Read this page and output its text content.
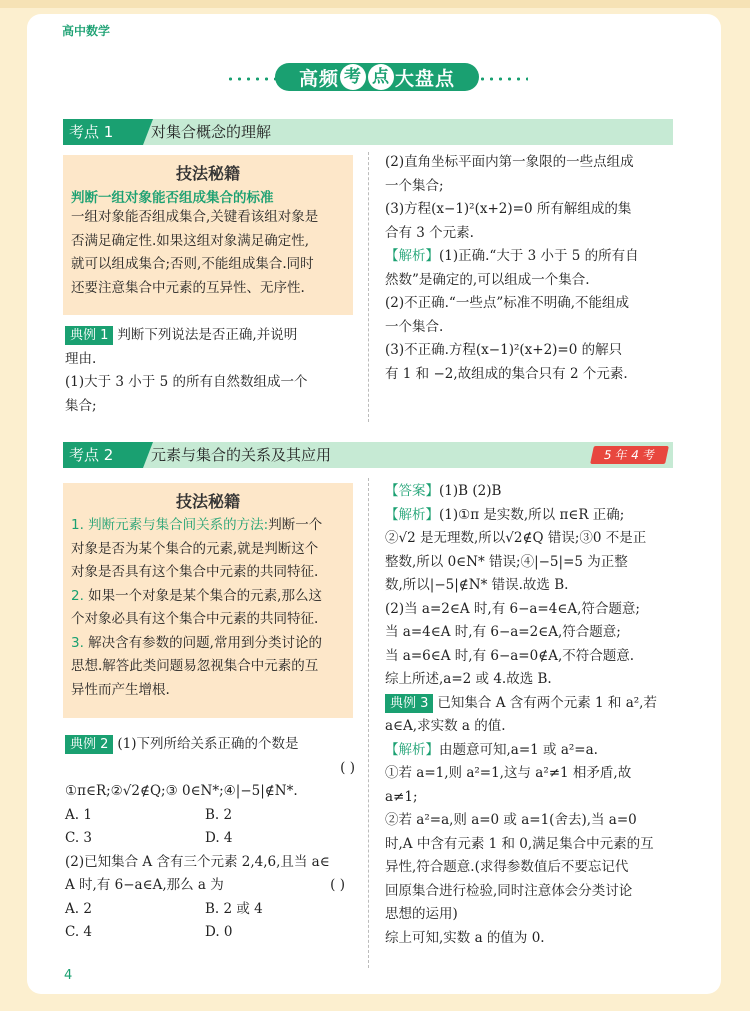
高中数学
高频 考 点 大盘点
考点 1	对集合概念的理解
技法秘籍
判断一组对象能否组成集合的标准

一组对象能否组成集合,关键看该组对象是

否满足确定性.如果这组对象满足确定性,

就可以组成集合;否则,不能组成集合.同时

还要注意集合中元素的互异性、无序性.

典例 1 判断下列说法是否正确,并说明

理由.

(1)大于 3 小于 5 的所有自然数组成一个

集合;

(2)直角坐标平面内第一象限的一些点组成

一个集合;

(3)方程(x−1)²(x+2)=0 所有解组成的集

合有 3 个元素.

【解析】(1)正确.“大于 3 小于 5 的所有自

然数”是确定的,可以组成一个集合.

(2)不正确.“一些点”标准不明确,不能组成

一个集合.

(3)不正确.方程(x−1)²(x+2)=0 的解只

有 1 和 −2,故组成的集合只有 2 个元素.

考点 2	元素与集合的关系及其应用	5 年 4 考
技法秘籍

1. 判断元素与集合间关系的方法:判断一个

对象是否为某个集合的元素,就是判断这个

对象是否具有这个集合中元素的共同特征.

2. 如果一个对象是某个集合的元素,那么这

个对象必具有这个集合中元素的共同特征.

3. 解决含有参数的问题,常用到分类讨论的

思想.解答此类问题易忽视集合中元素的互

异性而产生增根.

典例 2 (1)下列所给关系正确的个数是

( )

①π∈R;②√2∉Q;③ 0∈N*;④|−5|∉N*.

A. 1	B. 2

C. 3	D. 4

(2)已知集合 A 含有三个元素 2,4,6,且当 a∈

A 时,有 6−a∈A,那么 a 为	( )

A. 2	B. 2 或 4

C. 4	D. 0

【答案】(1)B (2)B

【解析】(1)①π 是实数,所以 π∈R 正确;

②√2 是无理数,所以√2∉Q 错误;③0 不是正

整数,所以 0∈N* 错误;④|−5|=5 为正整

数,所以|−5|∉N* 错误.故选 B.

(2)当 a=2∈A 时,有 6−a=4∈A,符合题意;

当 a=4∈A 时,有 6−a=2∈A,符合题意;

当 a=6∈A 时,有 6−a=0∉A,不符合题意.

综上所述,a=2 或 4.故选 B.

典例 3 已知集合 A 含有两个元素 1 和 a²,若

a∈A,求实数 a 的值.

【解析】由题意可知,a=1 或 a²=a.

①若 a=1,则 a²=1,这与 a²≠1 相矛盾,故

a≠1;

②若 a²=a,则 a=0 或 a=1(舍去),当 a=0

时,A 中含有元素 1 和 0,满足集合中元素的互

异性,符合题意.(求得参数值后不要忘记代

回原集合进行检验,同时注意体会分类讨论

思想的运用)

综上可知,实数 a 的值为 0.

4
